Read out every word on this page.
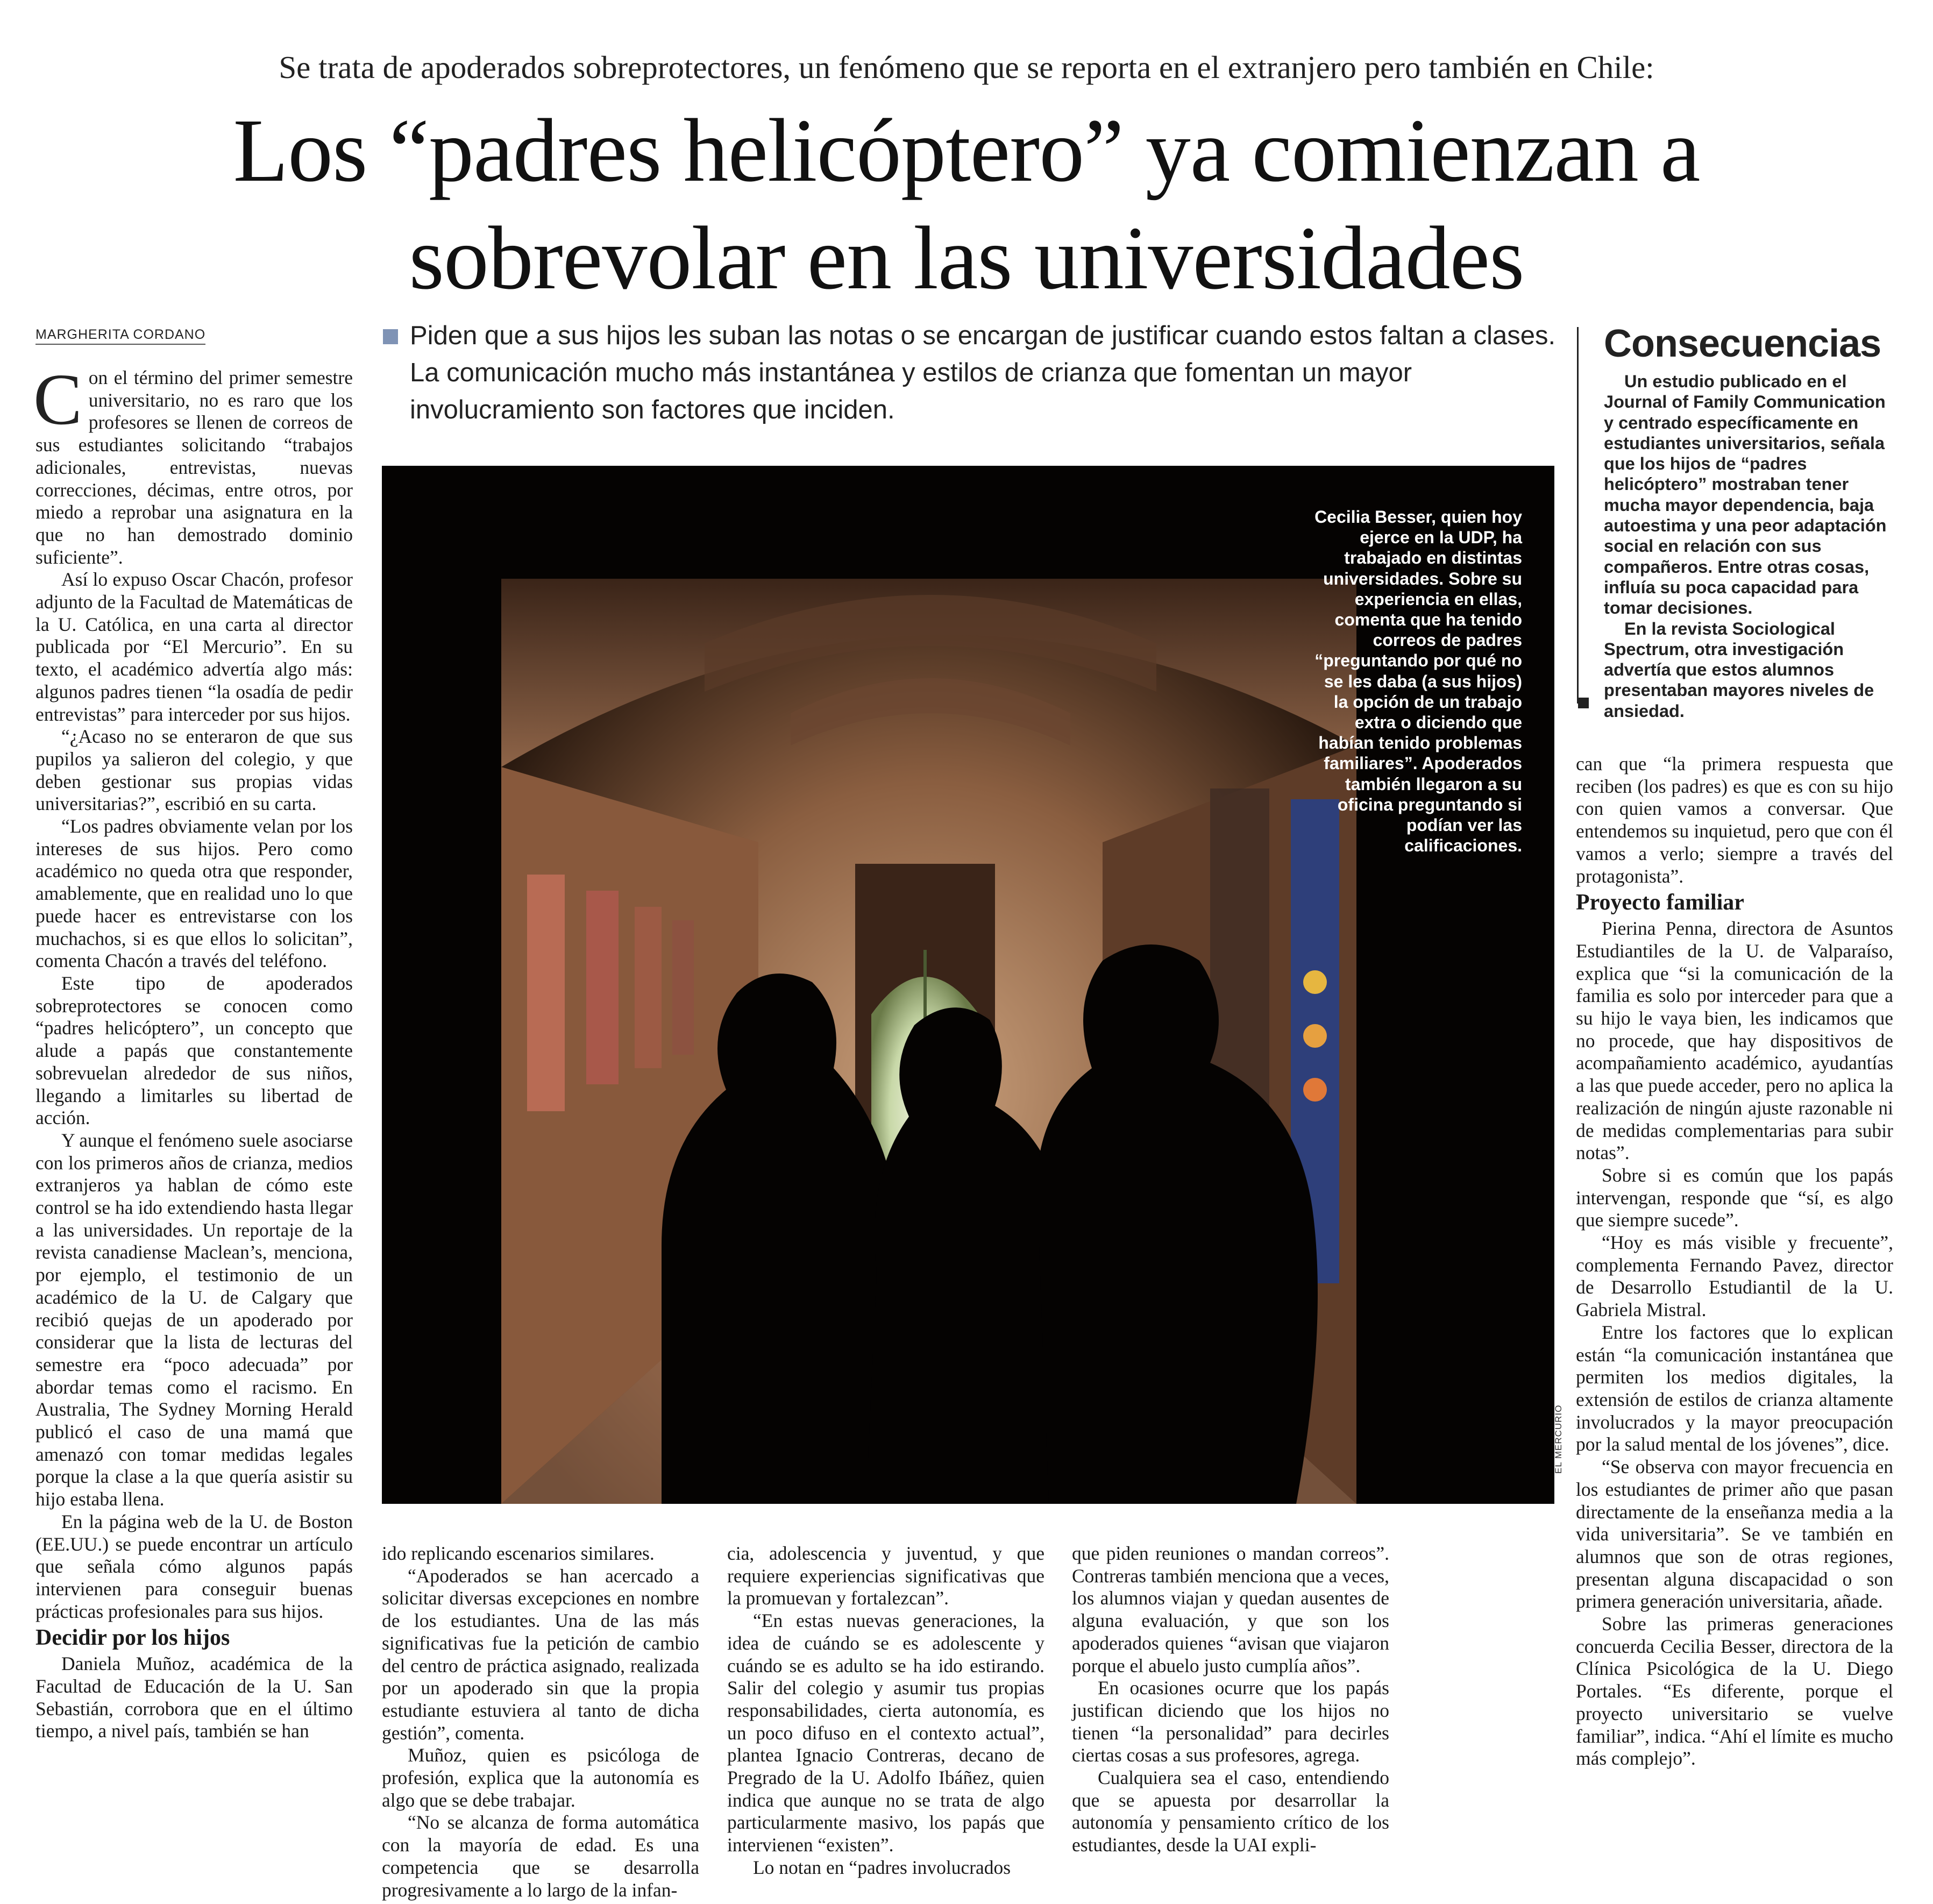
Se trata de apoderados sobreprotectores, un fenómeno que se reporta en el extranjero pero también en Chile:
Los “padres helicóptero” ya comienzan a
sobrevolar en las universidades
MARGHERITA CORDANO	Piden que a sus hijos les suban las notas o se encargan de justificar cuando estos faltan a clases. La comunicación mucho más instantánea y estilos de crianza que fomentan un mayor involucramiento son factores que inciden.

Con el término del primer semestre universitario, no es raro que los profesores se llenen de correos de sus estudiantes solicitando “trabajos adicionales, entrevistas, nuevas correcciones, décimas, entre otros, por miedo a reprobar una asignatura en la que no han demostrado dominio suficiente”.

Así lo expuso Oscar Chacón, profesor adjunto de la Facultad de Matemáticas de la U. Católica, en una carta al director publicada por “El Mercurio”. En su texto, el académico advertía algo más: algunos padres tienen “la osadía de pedir entrevistas” para interceder por sus hijos.

“¿Acaso no se enteraron de que sus pupilos ya salieron del colegio, y que deben gestionar sus propias vidas universitarias?”, escribió en su carta.

“Los padres obviamente velan por los intereses de sus hijos. Pero como académico no queda otra que responder, amablemente, que en realidad uno lo que puede hacer es entrevistarse con los muchachos, si es que ellos lo solicitan”, comenta Chacón a través del teléfono.

Este tipo de apoderados sobreprotectores se conocen como “padres helicóptero”, un concepto que alude a papás que constantemente sobrevuelan alrededor de sus niños, llegando a limitarles su libertad de acción.

Y aunque el fenómeno suele asociarse con los primeros años de crianza, medios extranjeros ya hablan de cómo este control se ha ido extendiendo hasta llegar a las universidades. Un reportaje de la revista canadiense Maclean’s, menciona, por ejemplo, el testimonio de un académico de la U. de Calgary que recibió quejas de un apoderado por considerar que la lista de lecturas del semestre era “poco adecuada” por abordar temas como el racismo. En Australia, The Sydney Morning Herald publicó el caso de una mamá que amenazó con tomar medidas legales porque la clase a la que quería asistir su hijo estaba llena.

En la página web de la U. de Boston (EE.UU.) se puede encontrar un artículo que señala cómo algunos papás intervienen para conseguir buenas prácticas profesionales para sus hijos.

Decidir por los hijos

Daniela Muñoz, académica de la Facultad de Educación de la U. San Sebastián, corrobora que en el último tiempo, a nivel país, también se han

Cecilia Besser, quien hoy ejerce en la UDP, ha trabajado en distintas universidades. Sobre su experiencia en ellas, comenta que ha tenido correos de padres “preguntando por qué no se les daba (a sus hijos) la opción de un trabajo extra o diciendo que habían tenido problemas familiares”. Apoderados también llegaron a su oficina preguntando si podían ver las calificaciones.
EL MERCURIO
Consecuencias

Un estudio publicado en el Journal of Family Communication y centrado específicamente en estudiantes universitarios, señala que los hijos de “padres helicóptero” mostraban tener mucha mayor dependencia, baja autoestima y una peor adaptación social en relación con sus compañeros. Entre otras cosas, influía su poca capacidad para tomar decisiones.

En la revista Sociological Spectrum, otra investigación advertía que estos alumnos presentaban mayores niveles de ansiedad.

ido replicando escenarios similares.

“Apoderados se han acercado a solicitar diversas excepciones en nombre de los estudiantes. Una de las más significativas fue la petición de cambio del centro de práctica asignado, realizada por un apoderado sin que la propia estudiante estuviera al tanto de dicha gestión”, comenta.

Muñoz, quien es psicóloga de profesión, explica que la autonomía es algo que se debe trabajar.

“No se alcanza de forma automática con la mayoría de edad. Es una competencia que se desarrolla progresivamente a lo largo de la infan-

cia, adolescencia y juventud, y que requiere experiencias significativas que la promuevan y fortalezcan”.

“En estas nuevas generaciones, la idea de cuándo se es adolescente y cuándo se es adulto se ha ido estirando. Salir del colegio y asumir tus propias responsabilidades, cierta autonomía, es un poco difuso en el contexto actual”, plantea Ignacio Contreras, decano de Pregrado de la U. Adolfo Ibáñez, quien indica que aunque no se trata de algo particularmente masivo, los papás que intervienen “existen”.

Lo notan en “padres involucrados

que piden reuniones o mandan correos”. Contreras también menciona que a veces, los alumnos viajan y quedan ausentes de alguna evaluación, y que son los apoderados quienes “avisan que viajaron porque el abuelo justo cumplía años”.

En ocasiones ocurre que los papás justifican diciendo que los hijos no tienen “la personalidad” para decirles ciertas cosas a sus profesores, agrega.

Cualquiera sea el caso, entendiendo que se apuesta por desarrollar la autonomía y pensamiento crítico de los estudiantes, desde la UAI expli-

can que “la primera respuesta que reciben (los padres) es que es con su hijo con quien vamos a conversar. Que entendemos su inquietud, pero que con él vamos a verlo; siempre a través del protagonista”.

Proyecto familiar

Pierina Penna, directora de Asuntos Estudiantiles de la U. de Valparaíso, explica que “si la comunicación de la familia es solo por interceder para que a su hijo le vaya bien, les indicamos que no procede, que hay dispositivos de acompañamiento académico, ayudantías a las que puede acceder, pero no aplica la realización de ningún ajuste razonable ni de medidas complementarias para subir notas”.

Sobre si es común que los papás intervengan, responde que “sí, es algo que siempre sucede”.

“Hoy es más visible y frecuente”, complementa Fernando Pavez, director de Desarrollo Estudiantil de la U. Gabriela Mistral.

Entre los factores que lo explican están “la comunicación instantánea que permiten los medios digitales, la extensión de estilos de crianza altamente involucrados y la mayor preocupación por la salud mental de los jóvenes”, dice.

“Se observa con mayor frecuencia en los estudiantes de primer año que pasan directamente de la enseñanza media a la vida universitaria”. Se ve también en alumnos que son de otras regiones, presentan alguna discapacidad o son primera generación universitaria, añade.

Sobre las primeras generaciones concuerda Cecilia Besser, directora de la Clínica Psicológica de la U. Diego Portales. “Es diferente, porque el proyecto universitario se vuelve familiar”, indica. “Ahí el límite es mucho más complejo”.
